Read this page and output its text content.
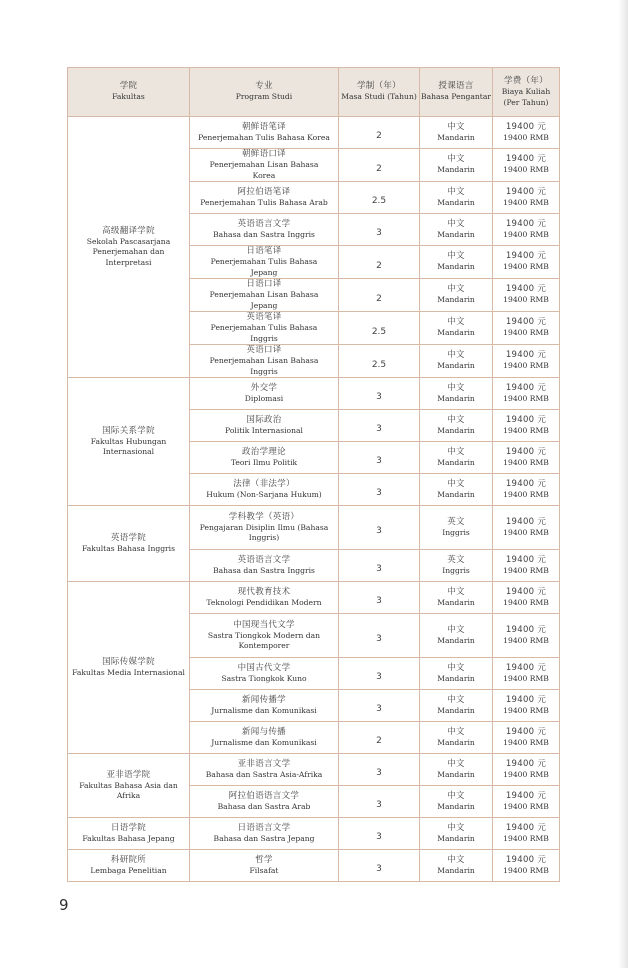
学院
Fakultas	专业
Program Studi	学制（年）
Masa Studi (Tahun)	授课语言
Bahasa Pengantar	学费（年）
Biaya Kuliah (Per Tahun)

高级翻译学院
Sekolah Pascasarjana Penerjemahan dan Interpretasi	朝鲜语笔译
Penerjemahan Tulis Bahasa Korea	2	中文
Mandarin	19400 元
19400 RMB

	朝鲜语口译
Penerjemahan Lisan Bahasa Korea	2	中文
Mandarin	19400 元
19400 RMB

	阿拉伯语笔译
Penerjemahan Tulis Bahasa Arab	2.5	中文
Mandarin	19400 元
19400 RMB

	英语语言文学
Bahasa dan Sastra Inggris	3	中文
Mandarin	19400 元
19400 RMB

	日语笔译
Penerjemahan Tulis Bahasa Jepang	2	中文
Mandarin	19400 元
19400 RMB

	日语口译
Penerjemahan Lisan Bahasa Jepang	2	中文
Mandarin	19400 元
19400 RMB

	英语笔译
Penerjemahan Tulis Bahasa Inggris	2.5	中文
Mandarin	19400 元
19400 RMB

	英语口译
Penerjemahan Lisan Bahasa Inggris	2.5	中文
Mandarin	19400 元
19400 RMB

国际关系学院
Fakultas Hubungan Internasional	外交学
Diplomasi	3	中文
Mandarin	19400 元
19400 RMB

	国际政治
Politik Internasional	3	中文
Mandarin	19400 元
19400 RMB

	政治学理论
Teori Ilmu Politik	3	中文
Mandarin	19400 元
19400 RMB

	法律（非法学）
Hukum (Non-Sarjana Hukum)	3	中文
Mandarin	19400 元
19400 RMB

英语学院
Fakultas Bahasa Inggris	学科教学（英语）
Pengajaran Disiplin Ilmu (Bahasa Inggris)	3	英文
Inggris	19400 元
19400 RMB

	英语语言文学
Bahasa dan Sastra Inggris	3	英文
Inggris	19400 元
19400 RMB

国际传媒学院
Fakultas Media Internasional	现代教育技术
Teknologi Pendidikan Modern	3	中文
Mandarin	19400 元
19400 RMB

	中国现当代文学
Sastra Tiongkok Modern dan Kontemporer	3	中文
Mandarin	19400 元
19400 RMB

	中国古代文学
Sastra Tiongkok Kuno	3	中文
Mandarin	19400 元
19400 RMB

	新闻传播学
Jurnalisme dan Komunikasi	3	中文
Mandarin	19400 元
19400 RMB

	新闻与传播
Jurnalisme dan Komunikasi	2	中文
Mandarin	19400 元
19400 RMB

亚非语学院
Fakultas Bahasa Asia dan Afrika	亚非语言文学
Bahasa dan Sastra Asia-Afrika	3	中文
Mandarin	19400 元
19400 RMB

	阿拉伯语语言文学
Bahasa dan Sastra Arab	3	中文
Mandarin	19400 元
19400 RMB

日语学院
Fakultas Bahasa Jepang	日语语言文学
Bahasa dan Sastra Jepang	3	中文
Mandarin	19400 元
19400 RMB

科研院所
Lembaga Penelitian	哲学
Filsafat	3	中文
Mandarin	19400 元
19400 RMB
9
